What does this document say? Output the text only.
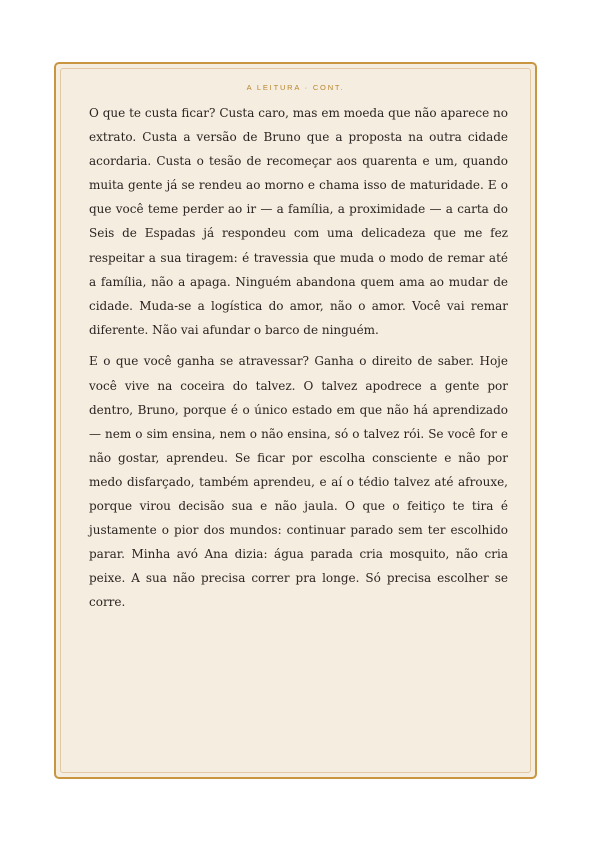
A LEITURA · CONT.

O que te custa ficar? Custa caro, mas em moeda que não aparece no extrato. Custa a versão de Bruno que a proposta na outra cidade acordaria. Custa o tesão de recomeçar aos quarenta e um, quando muita gente já se rendeu ao morno e chama isso de maturidade. E o que você teme perder ao ir — a família, a proximidade — a carta do Seis de Espadas já respondeu com uma delicadeza que me fez respeitar a sua tiragem: é travessia que muda o modo de remar até a família, não a apaga. Ninguém abandona quem ama ao mudar de cidade. Muda-se a logística do amor, não o amor. Você vai remar diferente. Não vai afundar o barco de ninguém.

E o que você ganha se atravessar? Ganha o direito de saber. Hoje você vive na coceira do talvez. O talvez apodrece a gente por dentro, Bruno, porque é o único estado em que não há aprendizado — nem o sim ensina, nem o não ensina, só o talvez rói. Se você for e não gostar, aprendeu. Se ficar por escolha consciente e não por medo disfarçado, também aprendeu, e aí o tédio talvez até afrouxe, porque virou decisão sua e não jaula. O que o feitiço te tira é justamente o pior dos mundos: continuar parado sem ter escolhido parar. Minha avó Ana dizia: água parada cria mosquito, não cria peixe. A sua não precisa correr pra longe. Só precisa escolher se corre.
